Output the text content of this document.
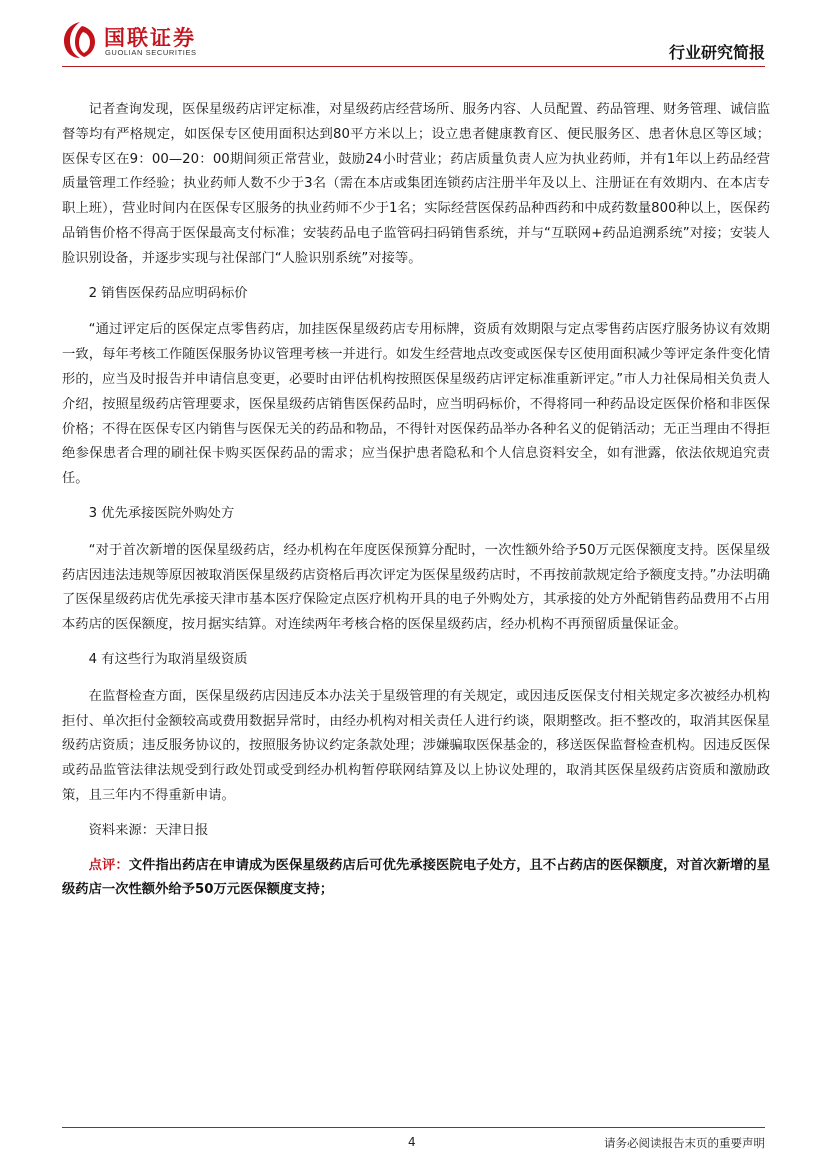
国联证券
GUOLIAN SECURITIES	行业研究简报

记者查询发现，医保星级药店评定标准，对星级药店经营场所、服务内容、人员配置、药品管理、财务管理、诚信监督等均有严格规定，如医保专区使用面积达到80平方米以上；设立患者健康教育区、便民服务区、患者休息区等区域；医保专区在9：00—20：00期间须正常营业，鼓励24小时营业；药店质量负责人应为执业药师，并有1年以上药品经营质量管理工作经验；执业药师人数不少于3名（需在本店或集团连锁药店注册半年及以上、注册证在有效期内、在本店专职上班），营业时间内在医保专区服务的执业药师不少于1名；实际经营医保药品种西药和中成药数量800种以上，医保药品销售价格不得高于医保最高支付标准；安装药品电子监管码扫码销售系统，并与“互联网+药品追溯系统”对接；安装人脸识别设备，并逐步实现与社保部门“人脸识别系统”对接等。

2 销售医保药品应明码标价

“通过评定后的医保定点零售药店，加挂医保星级药店专用标牌，资质有效期限与定点零售药店医疗服务协议有效期一致，每年考核工作随医保服务协议管理考核一并进行。如发生经营地点改变或医保专区使用面积减少等评定条件变化情形的，应当及时报告并申请信息变更，必要时由评估机构按照医保星级药店评定标准重新评定。”市人力社保局相关负责人介绍，按照星级药店管理要求，医保星级药店销售医保药品时，应当明码标价，不得将同一种药品设定医保价格和非医保价格；不得在医保专区内销售与医保无关的药品和物品，不得针对医保药品举办各种名义的促销活动；无正当理由不得拒绝参保患者合理的刷社保卡购买医保药品的需求；应当保护患者隐私和个人信息资料安全，如有泄露，依法依规追究责任。

3 优先承接医院外购处方

“对于首次新增的医保星级药店，经办机构在年度医保预算分配时，一次性额外给予50万元医保额度支持。医保星级药店因违法违规等原因被取消医保星级药店资格后再次评定为医保星级药店时，不再按前款规定给予额度支持。”办法明确了医保星级药店优先承接天津市基本医疗保险定点医疗机构开具的电子外购处方，其承接的处方外配销售药品费用不占用本药店的医保额度，按月据实结算。对连续两年考核合格的医保星级药店，经办机构不再预留质量保证金。

4 有这些行为取消星级资质

在监督检查方面，医保星级药店因违反本办法关于星级管理的有关规定，或因违反医保支付相关规定多次被经办机构拒付、单次拒付金额较高或费用数据异常时，由经办机构对相关责任人进行约谈，限期整改。拒不整改的，取消其医保星级药店资质；违反服务协议的，按照服务协议约定条款处理；涉嫌骗取医保基金的，移送医保监督检查机构。因违反医保或药品监管法律法规受到行政处罚或受到经办机构暂停联网结算及以上协议处理的，取消其医保星级药店资质和激励政策，且三年内不得重新申请。

资料来源：天津日报

点评：文件指出药店在申请成为医保星级药店后可优先承接医院电子处方，且不占药店的医保额度，对首次新增的星级药店一次性额外给予50万元医保额度支持；

4	请务必阅读报告末页的重要声明
